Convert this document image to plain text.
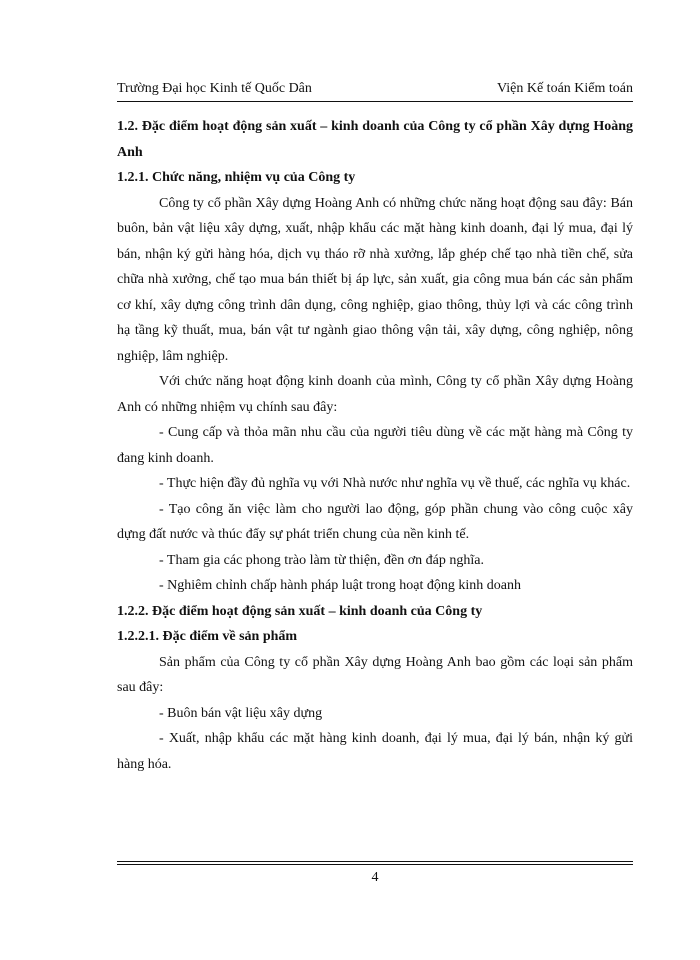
Trường Đại học Kinh tế Quốc Dân	Viện Kế toán Kiểm toán
1.2. Đặc điểm hoạt động sản xuất – kinh doanh của Công ty cổ phần Xây dựng Hoàng Anh
1.2.1. Chức năng, nhiệm vụ của Công ty

Công ty cổ phần Xây dựng Hoàng Anh có những chức năng hoạt động sau đây: Bán buôn, bản vật liệu xây dựng, xuất, nhập khẩu các mặt hàng kinh doanh, đại lý mua, đại lý bán, nhận ký gửi hàng hóa, dịch vụ tháo rỡ nhà xưởng, lắp ghép chế tạo nhà tiền chế, sửa chữa nhà xưởng, chế tạo mua bán thiết bị áp lực, sản xuất, gia công mua bán các sản phẩm cơ khí, xây dựng công trình dân dụng, công nghiệp, giao thông, thủy lợi và các công trình hạ tầng kỹ thuất, mua, bán vật tư ngành giao thông vận tải, xây dựng, công nghiệp, nông nghiệp, lâm nghiệp.

Với chức năng hoạt động kinh doanh của mình, Công ty cổ phần Xây dựng Hoàng Anh có những nhiệm vụ chính sau đây:

- Cung cấp và thỏa mãn nhu cầu của người tiêu dùng về các mặt hàng mà Công ty đang kinh doanh.

- Thực hiện đầy đủ nghĩa vụ với Nhà nước như nghĩa vụ về thuế, các nghĩa vụ khác.

- Tạo công ăn việc làm cho người lao động, góp phần chung vào công cuộc xây dựng đất nước và thúc đẩy sự phát triển chung của nền kinh tế.

- Tham gia các phong trào làm từ thiện, đền ơn đáp nghĩa.

- Nghiêm chỉnh chấp hành pháp luật trong hoạt động kinh doanh

1.2.2. Đặc điểm hoạt động sản xuất – kinh doanh của Công ty
1.2.2.1. Đặc điểm về sản phẩm

Sản phẩm của Công ty cổ phần Xây dựng Hoàng Anh bao gồm các loại sản phẩm sau đây:

- Buôn bán vật liệu xây dựng

- Xuất, nhập khẩu các mặt hàng kinh doanh, đại lý mua, đại lý bán, nhận ký gửi hàng hóa.

4
